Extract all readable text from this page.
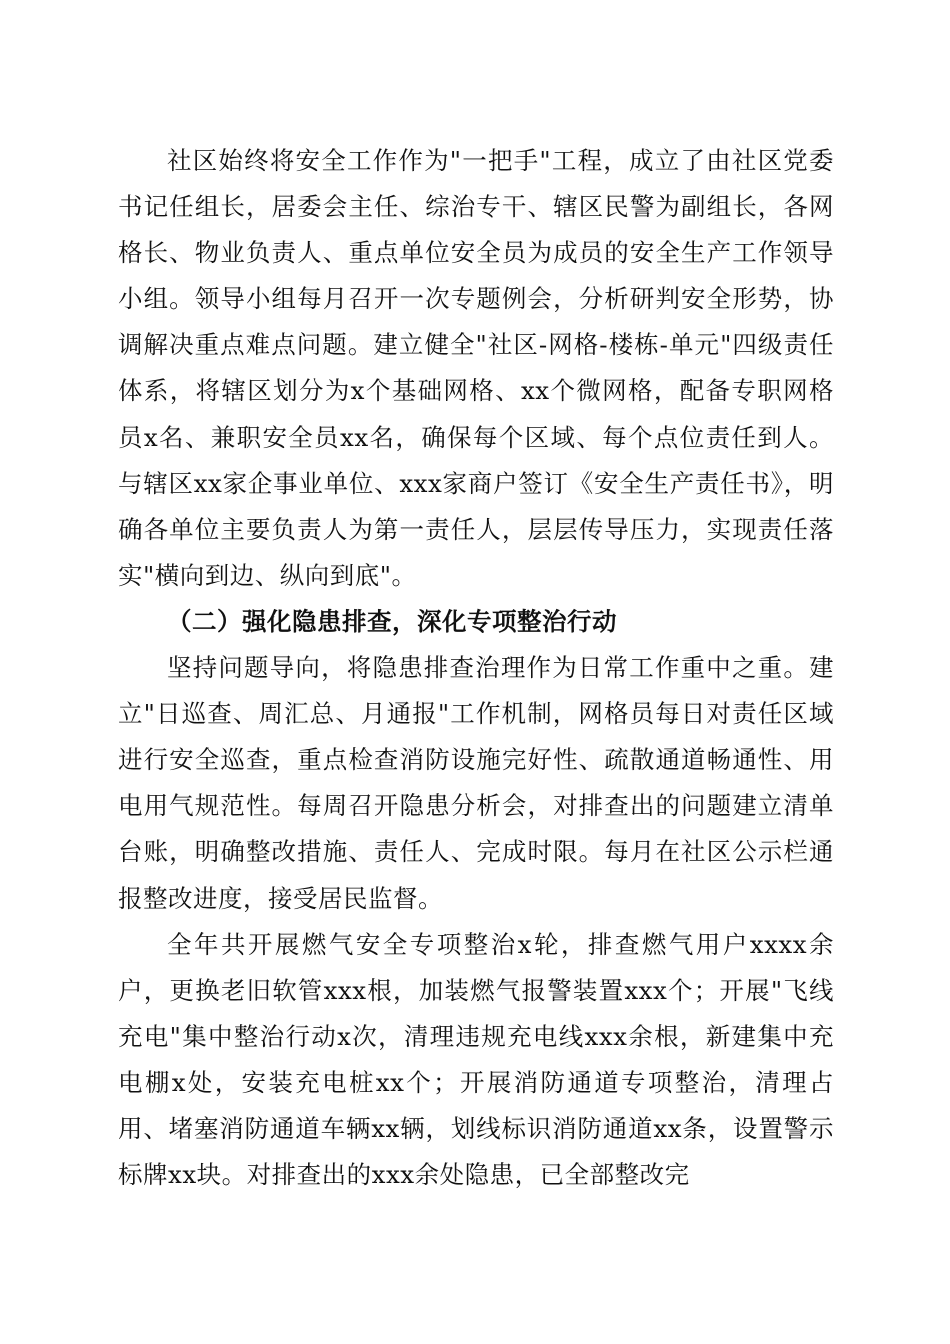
社区始终将安全工作作为"一把手"工程，成立了由社区党委书记任组长，居委会主任、综治专干、辖区民警为副组长，各网格长、物业负责人、重点单位安全员为成员的安全生产工作领导小组。领导小组每月召开一次专题例会，分析研判安全形势，协调解决重点难点问题。建立健全"社区-网格-楼栋-单元"四级责任体系，将辖区划分为x个基础网格、xx个微网格，配备专职网格员x名、兼职安全员xx名，确保每个区域、每个点位责任到人。与辖区xx家企事业单位、xxx家商户签订《安全生产责任书》，明确各单位主要负责人为第一责任人，层层传导压力，实现责任落实"横向到边、纵向到底"。

（二）强化隐患排查，深化专项整治行动

坚持问题导向，将隐患排查治理作为日常工作重中之重。建立"日巡查、周汇总、月通报"工作机制，网格员每日对责任区域进行安全巡查，重点检查消防设施完好性、疏散通道畅通性、用电用气规范性。每周召开隐患分析会，对排查出的问题建立清单台账，明确整改措施、责任人、完成时限。每月在社区公示栏通报整改进度，接受居民监督。

全年共开展燃气安全专项整治x轮，排查燃气用户xxxx余户，更换老旧软管xxx根，加装燃气报警装置xxx个；开展"飞线充电"集中整治行动x次，清理违规充电线xxx余根，新建集中充电棚x处，安装充电桩xx个；开展消防通道专项整治，清理占用、堵塞消防通道车辆xx辆，划线标识消防通道xx条，设置警示标牌xx块。对排查出的xxx余处隐患，已全部整改完
